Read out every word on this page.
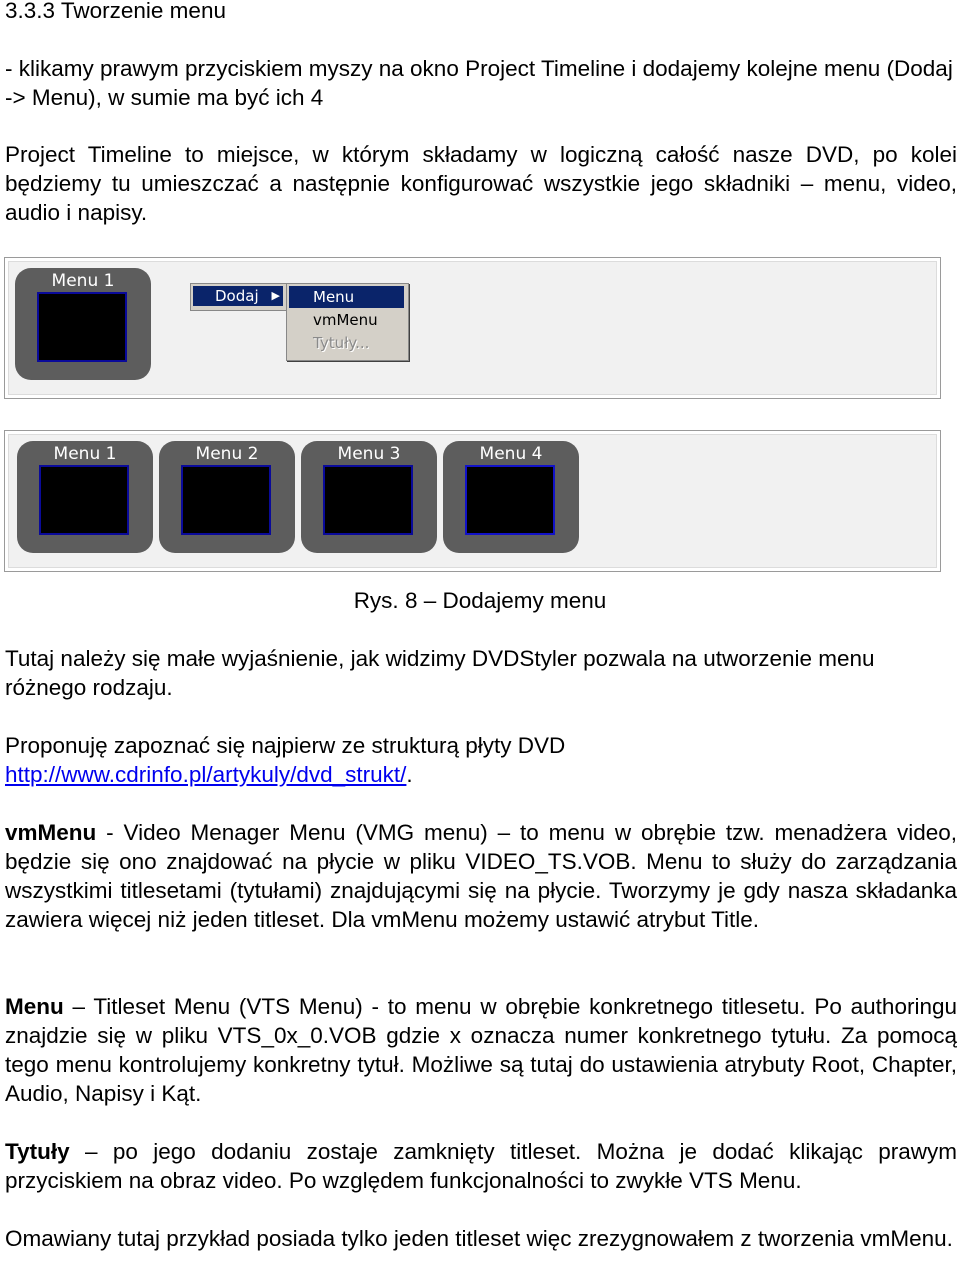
3.3.3 Tworzenie menu

- klikamy prawym przyciskiem myszy na okno Project Timeline i dodajemy kolejne menu (Dodaj -> Menu), w sumie ma być ich 4

Project Timeline to miejsce, w którym składamy w logiczną całość nasze DVD, po kolei będziemy tu umieszczać a następnie konfigurować wszystkie jego składniki – menu, video, audio i napisy.

Menu 1
Dodaj ▶	Menu
vmMenu
Tytuły...
Menu 1	Menu 2	Menu 3	Menu 4

Rys. 8 – Dodajemy menu

Tutaj należy się małe wyjaśnienie, jak widzimy DVDStyler pozwala na utworzenie menu różnego rodzaju.

Proponuję zapoznać się najpierw ze strukturą płyty DVD
http://www.cdrinfo.pl/artykuly/dvd_strukt/.

vmMenu - Video Menager Menu (VMG menu) – to menu w obrębie tzw. menadżera video, będzie się ono znajdować na płycie w pliku VIDEO_TS.VOB. Menu to służy do zarządzania wszystkimi titlesetami (tytułami) znajdującymi się na płycie. Tworzymy je gdy nasza składanka zawiera więcej niż jeden titleset. Dla vmMenu możemy ustawić atrybut Title.

Menu – Titleset Menu (VTS Menu) - to menu w obrębie konkretnego titlesetu. Po authoringu znajdzie się w pliku VTS_0x_0.VOB gdzie x oznacza numer konkretnego tytułu. Za pomocą tego menu kontrolujemy konkretny tytuł. Możliwe są tutaj do ustawienia atrybuty Root, Chapter, Audio, Napisy i Kąt.

Tytuły – po jego dodaniu zostaje zamknięty titleset. Można je dodać klikając prawym przyciskiem na obraz video. Po względem funkcjonalności to zwykłe VTS Menu.

Omawiany tutaj przykład posiada tylko jeden titleset więc zrezygnowałem z tworzenia vmMenu.
